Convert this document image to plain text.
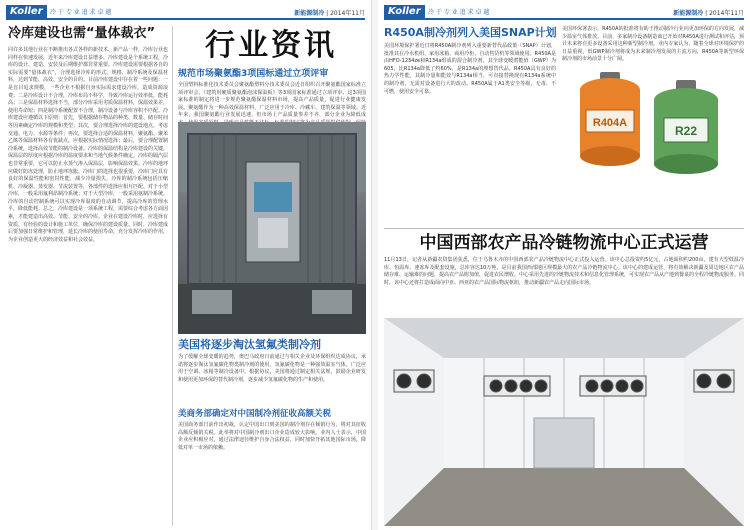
Koller	冷 于 专 业 追 求 卓 越	新能源制冷 | 2014年11月
冷库建设也需“量体裁衣”
同许多其他行业在不断推出各式各样的新技术、新产品一样，冷库行业也同样在快速发展，近年来冷库建设日益增多。冷库建设是个系统工程，冷库的设计、建造、安装及后期维护都非常重要。冷库建设需要根据各自的实际需要“量体裁衣”，合理选择冷库的形式、规格、制冷系统及保温材料，达到节能、高效、安全的目的。目前冷库建设中存在着一些问题：一是盲目追求规模，一些企业不根据自身实际需求建设冷库，造成资源浪费；二是冷库设计不合理，冷库布局不科学，导致冷库运行效率低，能耗高；三是保温材料选择不当，部分冷库采用劣质保温材料，保温效果差，使用寿命短；四是制冷系统配置不合理，制冷设备与冷库容积不匹配。冷库建设应遵循以下原则：首先，要根据储存物品的种类、数量、储存时间等因素确定冷库的规模和类型；其次，要合理选择冷库的建设地点，考虑交通、电力、水源等条件；再次，要选择合适的保温材料，聚氨酯、聚苯乙烯等保温材料各有优缺点，应根据实际情况选择；最后，要合理配置制冷系统，选择高效节能的制冷设备。冷库的保温结构是冷库建设的关键，保温层的厚度应根据冷库的温度要求和当地气候条件确定。冷库的隔汽层也非常重要，它可以防止水蒸气渗入保温层，影响保温效果。冷库的地坪应做好防冻处理，防止地坪冻胀。冷库门的选择也很重要，冷库门应具有良好的保温性能和密封性能，减少冷量损失。冷库的制冷系统包括压缩机、冷凝器、蒸发器、节流装置等，各部件的选择应相互匹配。对于小型冷库，一般采用氟利昂制冷系统；对于大型冷库，一般采用氨制冷系统。冷库的自动控制系统可以实现冷库温度的自动调节，提高冷库的管理水平，降低能耗。总之，冷库建设是一项系统工程，需要综合考虑各方面因素，才能建造出高效、节能、安全的冷库。企业在建设冷库时，应选择有资质、有经验的设计和施工单位，确保冷库的建设质量。同时，冷库建成后要加强日常维护和管理，延长冷库的使用寿命，充分发挥冷库的作用，为企业创造更大的经济效益和社会效益。
行业资讯
规范市场聚氨酯3项国标通过立项评审
全国塑料标准化技术委员会聚氨酯塑料分技术委员会近日组织召开聚氨酯国家标准立项评审会，《建筑用硬质聚氨酯泡沫保温板》等3项国家标准通过立项评审。这3项国家标准的制定将进一步规范聚氨酯保温材料市场，提高产品质量，促进行业健康发展。聚氨酯作为一种高效保温材料，广泛应用于冷库、冷藏车、建筑保温等领域。近年来，我国聚氨酯行业发展迅速，但市场上产品质量参差不齐，部分企业为降低成
美国将逐步淘汰氢氟类制冷剂
为了缓解全球变暖的趋势，奥巴马政府日前通过与相关企业及环保组织达成协议，承诺将逐步淘汰氢氟碳化物类制冷剂的使用。氢氟碳化物是一种强效温室气体，广泛应用于空调、冰箱等制冷设备中。根据协议，美国将通过制定相关法规，鼓励企业研发和使用更加环保的替代制冷剂，逐步减少氢氟碳化物的生产和使用。
美商务部确定对中国制冷剂征收高额关税
美国商务部日前作出初裁，认定中国出口到美国的制冷剂存在倾销行为，将对其征收高额反倾销关税。此举将对中国制冷剂出口企业造成较大影响。业内人士表示，中国企业应积极应对，通过法律途径维护自身合法权益，同时加快开拓其他国际市场，降低对单一市场的依赖。
Koller	冷 于 专 业 追 求 卓 越	新能源制冷 | 2014年11月
R450A制冷剂列入美国SNAP计划
美国环境保护署近日将R450A制冷剂列入重要新替代品政策（SNAP）计划，批准其在冷水机组、家用冰箱、商用冷柜、自动售货机等领域使用。R450A是由HFO-1234ze和R134a组成的混合制冷剂，其全球变暖潜能值（GWP）为605，比R134a降低了约60%，是R134a的理想替代品。R450A具有良好的热力学性能，其制冷量和能效与R134a相当，可直接替换现有R134a系统中的制冷剂，无需对设备进行大的改动。R450A属于A1类安全等级，无毒、不可燃，使用安全可靠。
美国环保署表示，R450A的批准将有助于推动制冷行业向更加环保的方向发展，减少温室气体排放。目前，多家制冷设备制造商已开始对R450A进行测试和评估，预计未来将有更多设备采用这种新型制冷剂。业内专家认为，随着全球对环境保护的日益重视，低GWP制冷剂将成为未来制冷剂发展的主流方向，R450A等新型环保制冷剂的市场前景十分广阔。
R404A
R22
中国西部农产品冷链物流中心正式运营
11月13日，记者从新疆农资集团获悉，位于乌鲁木齐的中国西部农产品冷链物流中心正式投入运营。该中心总投资约5亿元，占地面积约200亩，建有大型低温冷库、恒温库、速冻库及配套设施，总库容达10万吨，是目前我国西部地区规模最大的农产品冷链物流中心。该中心的建成运营，将有效解决新疆及周边地区农产品储存难、运输难的问题，提高农产品附加值，促进农民增收。中心采用先进的冷链物流技术和信息化管理系统，可实现农产品从产地到餐桌的全程冷链物流服务。同时，该中心还将打造成面向中亚、西亚的农产品国际物流枢纽，推动新疆农产品走向国际市场。
